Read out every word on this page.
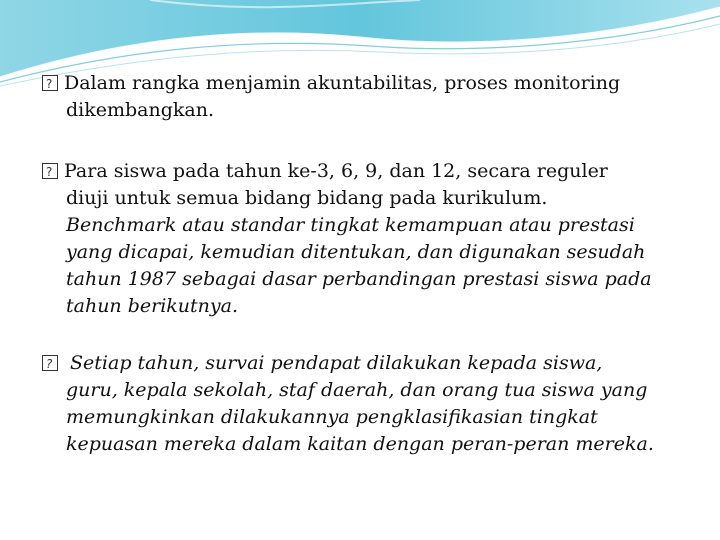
?Dalam rangka menjamin akuntabilitas, proses monitoring
dikembangkan.
?Para siswa pada tahun ke-3, 6, 9, dan 12, secara reguler
diuji untuk semua bidang bidang pada kurikulum.
Benchmark atau standar tingkat kemampuan atau prestasi
yang dicapai, kemudian ditentukan, dan digunakan sesudah
tahun 1987 sebagai dasar perbandingan prestasi siswa pada
tahun berikutnya.
? Setiap tahun, survai pendapat dilakukan kepada siswa,
guru, kepala sekolah, staf daerah, dan orang tua siswa yang
memungkinkan dilakukannya pengklasifikasian tingkat
kepuasan mereka dalam kaitan dengan peran-peran mereka.
